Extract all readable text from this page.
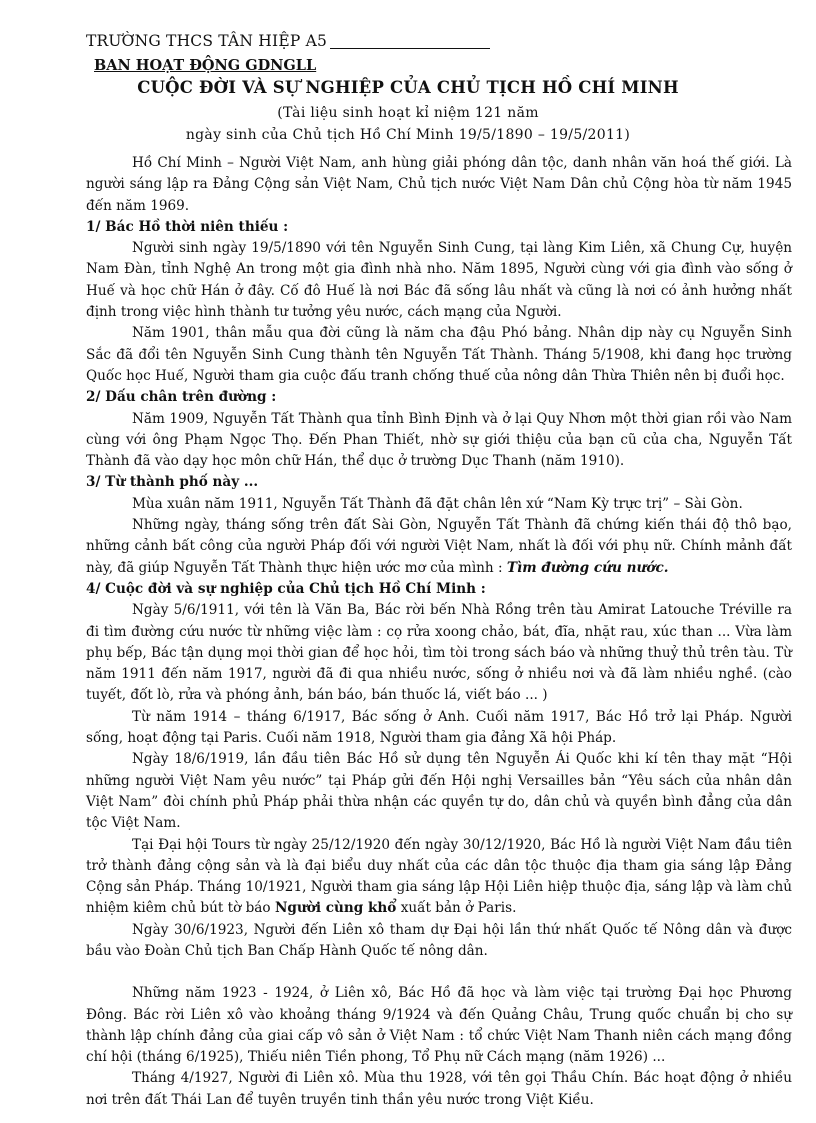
TRƯỜNG THCS TÂN HIỆP A5
BAN HOẠT ĐỘNG GDNGLL
CUỘC ĐỜI VÀ SỰ NGHIỆP CỦA CHỦ TỊCH HỒ CHÍ MINH
(Tài liệu sinh hoạt kỉ niệm 121 năm
ngày sinh của Chủ tịch Hồ Chí Minh 19/5/1890 – 19/5/2011)

Hồ Chí Minh – Người Việt Nam, anh hùng giải phóng dân tộc, danh nhân văn hoá thế giới. Là người sáng lập ra Đảng Cộng sản Việt Nam, Chủ tịch nước Việt Nam Dân chủ Cộng hòa từ năm 1945 đến năm 1969.

1/ Bác Hồ thời niên thiếu :

Người sinh ngày 19/5/1890 với tên Nguyễn Sinh Cung, tại làng Kim Liên, xã Chung Cự, huyện Nam Đàn, tỉnh Nghệ An trong một gia đình nhà nho. Năm 1895, Người cùng với gia đình vào sống ở Huế và học chữ Hán ở đây. Cố đô Huế là nơi Bác đã sống lâu nhất và cũng là nơi có ảnh hưởng nhất định trong việc hình thành tư tưởng yêu nước, cách mạng của Người.

Năm 1901, thân mẫu qua đời cũng là năm cha đậu Phó bảng. Nhân dịp này cụ Nguyễn Sinh Sắc đã đổi tên Nguyễn Sinh Cung thành tên Nguyễn Tất Thành. Tháng 5/1908, khi đang học trường Quốc học Huế, Người tham gia cuộc đấu tranh chống thuế của nông dân Thừa Thiên nên bị đuổi học.

2/ Dấu chân trên đường :

Năm 1909, Nguyễn Tất Thành qua tỉnh Bình Định và ở lại Quy Nhơn một thời gian rồi vào Nam cùng với ông Phạm Ngọc Thọ. Đến Phan Thiết, nhờ sự giới thiệu của bạn cũ của cha, Nguyễn Tất Thành đã vào dạy học môn chữ Hán, thể dục ở trường Dục Thanh (năm 1910).

3/ Từ thành phố này ...

Mùa xuân năm 1911, Nguyễn Tất Thành đã đặt chân lên xứ “Nam Kỳ trực trị” – Sài Gòn.

Những ngày, tháng sống trên đất Sài Gòn, Nguyễn Tất Thành đã chứng kiến thái độ thô bạo, những cảnh bất công của người Pháp đối với người Việt Nam, nhất là đối với phụ nữ. Chính mảnh đất này, đã giúp Nguyễn Tất Thành thực hiện ước mơ của mình : Tìm đường cứu nước.

4/ Cuộc đời và sự nghiệp của Chủ tịch Hồ Chí Minh :

Ngày 5/6/1911, với tên là Văn Ba, Bác rời bến Nhà Rồng trên tàu Amirat Latouche Tréville ra đi tìm đường cứu nước từ những việc làm : cọ rửa xoong chảo, bát, đĩa, nhặt rau, xúc than ... Vừa làm phụ bếp, Bác tận dụng mọi thời gian để học hỏi, tìm tòi trong sách báo và những thuỷ thủ trên tàu. Từ năm 1911 đến năm 1917, người đã đi qua nhiều nước, sống ở nhiều nơi và đã làm nhiều nghề. (cào tuyết, đốt lò, rửa và phóng ảnh, bán báo, bán thuốc lá, viết báo ... )

Từ năm 1914 – tháng 6/1917, Bác sống ở Anh. Cuối năm 1917, Bác Hồ trở lại Pháp. Người sống, hoạt động tại Paris. Cuối năm 1918, Người tham gia đảng Xã hội Pháp.

Ngày 18/6/1919, lần đầu tiên Bác Hồ sử dụng tên Nguyễn Ái Quốc khi kí tên thay mặt “Hội những người Việt Nam yêu nước” tại Pháp gửi đến Hội nghị Versailles bản “Yêu sách của nhân dân Việt Nam” đòi chính phủ Pháp phải thừa nhận các quyền tự do, dân chủ và quyền bình đẳng của dân tộc Việt Nam.

Tại Đại hội Tours từ ngày 25/12/1920 đến ngày 30/12/1920, Bác Hồ là người Việt Nam đầu tiên trở thành đảng cộng sản và là đại biểu duy nhất của các dân tộc thuộc địa tham gia sáng lập Đảng Cộng sản Pháp. Tháng 10/1921, Người tham gia sáng lập Hội Liên hiệp thuộc địa, sáng lập và làm chủ nhiệm kiêm chủ bút tờ báo Người cùng khổ xuất bản ở Paris.

Ngày 30/6/1923, Người đến Liên xô tham dự Đại hội lần thứ nhất Quốc tế Nông dân và được bầu vào Đoàn Chủ tịch Ban Chấp Hành Quốc tế nông dân.

Những năm 1923 - 1924, ở Liên xô, Bác Hồ đã học và làm việc tại trường Đại học Phương Đông. Bác rời Liên xô vào khoảng tháng 9/1924 và đến Quảng Châu, Trung quốc chuẩn bị cho sự thành lập chính đảng của giai cấp vô sản ở Việt Nam : tổ chức Việt Nam Thanh niên cách mạng đồng chí hội (tháng 6/1925), Thiếu niên Tiền phong, Tổ Phụ nữ Cách mạng (năm 1926) ...

Tháng 4/1927, Người đi Liên xô. Mùa thu 1928, với tên gọi Thầu Chín. Bác hoạt động ở nhiều nơi trên đất Thái Lan để tuyên truyền tinh thần yêu nước trong Việt Kiều.
